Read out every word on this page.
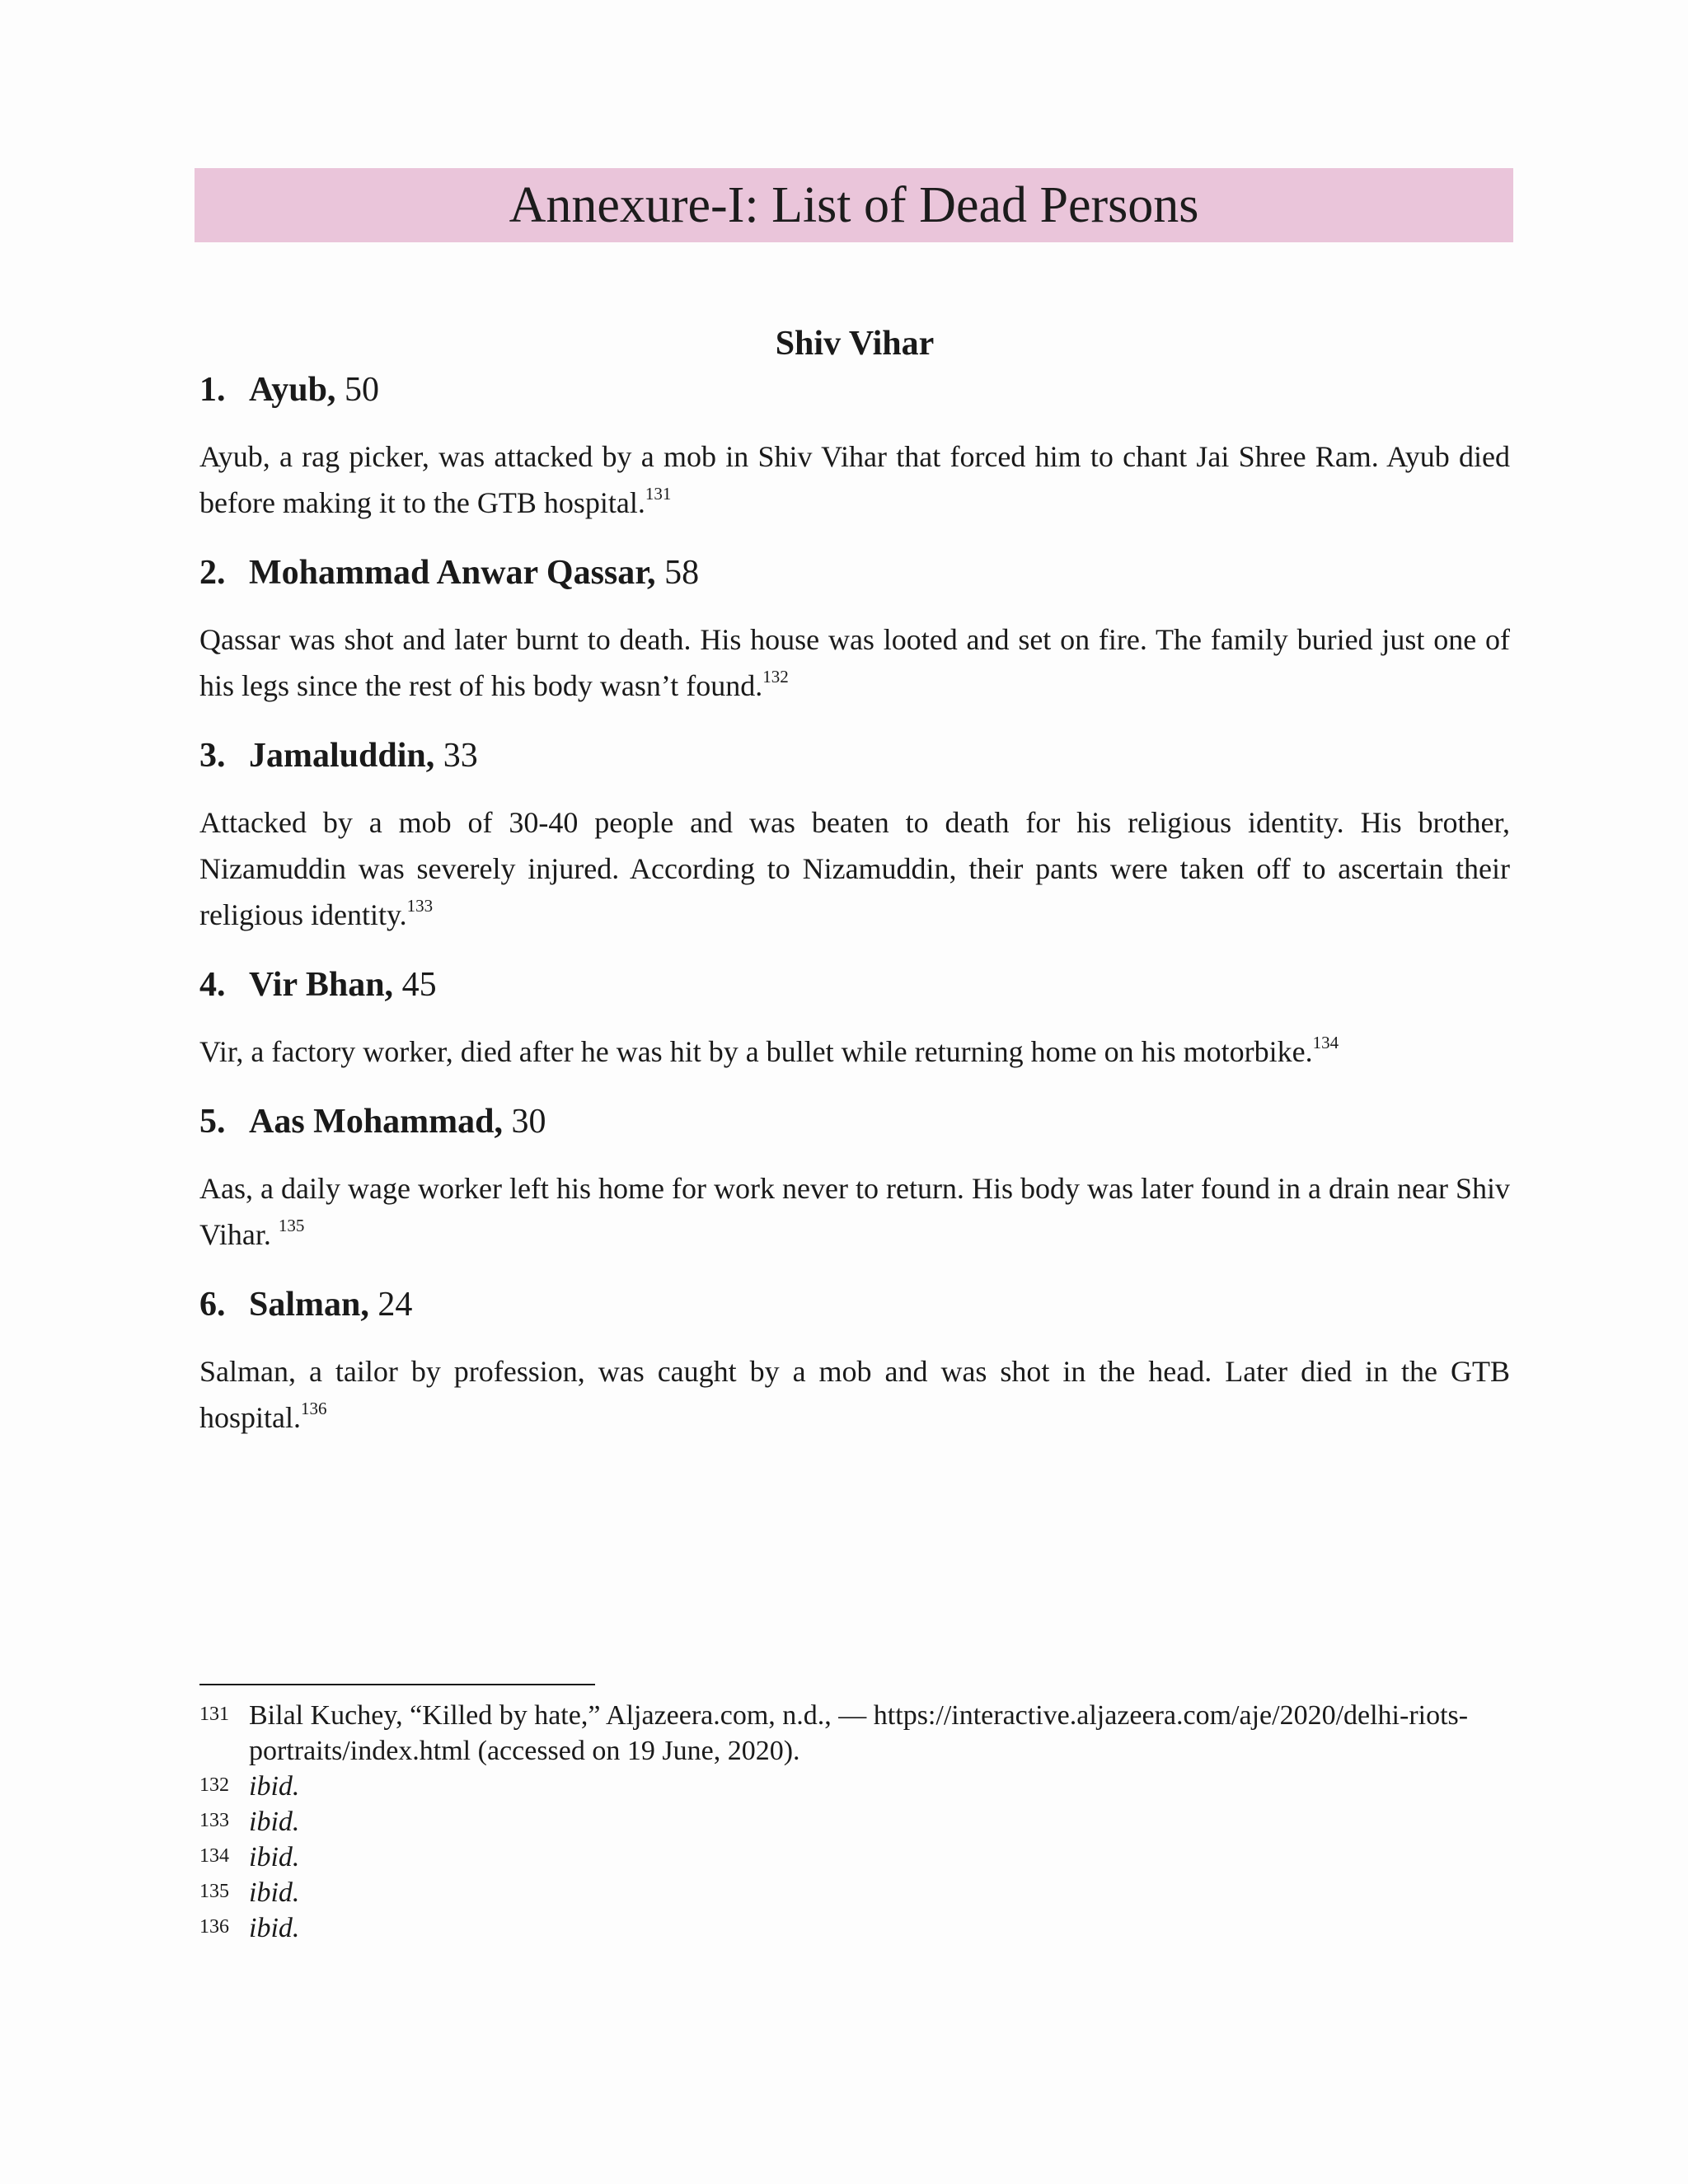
Annexure-I: List of Dead Persons

Shiv Vihar

1. Ayub, 50

Ayub, a rag picker, was attacked by a mob in Shiv Vihar that forced him to chant Jai Shree Ram. Ayub died before making it to the GTB hospital.$^{131}$

2. Mohammad Anwar Qassar, 58

Qassar was shot and later burnt to death. His house was looted and set on fire. The family buried just one of his legs since the rest of his body wasn’t found.$^{132}$

3. Jamaluddin, 33

Attacked by a mob of 30-40 people and was beaten to death for his religious identity. His brother, Nizamuddin was severely injured. According to Nizamuddin, their pants were taken off to ascertain their religious identity.$^{133}$

4. Vir Bhan, 45

Vir, a factory worker, died after he was hit by a bullet while returning home on his motorbike.$^{134}$

5. Aas Mohammad, 30

Aas, a daily wage worker left his home for work never to return. His body was later found in a drain near Shiv Vihar. $^{135}$

6. Salman, 24

Salman, a tailor by profession, was caught by a mob and was shot in the head. Later died in the GTB hospital.$^{136}$

131 Bilal Kuchey, “Killed by hate,” Aljazeera.com, n.d., — https://interactive.aljazeera.com/aje/2020/delhi-riots-portraits/index.html (accessed on 19 June, 2020).
132 ibid.
133 ibid.
134 ibid.
135 ibid.
136 ibid.
